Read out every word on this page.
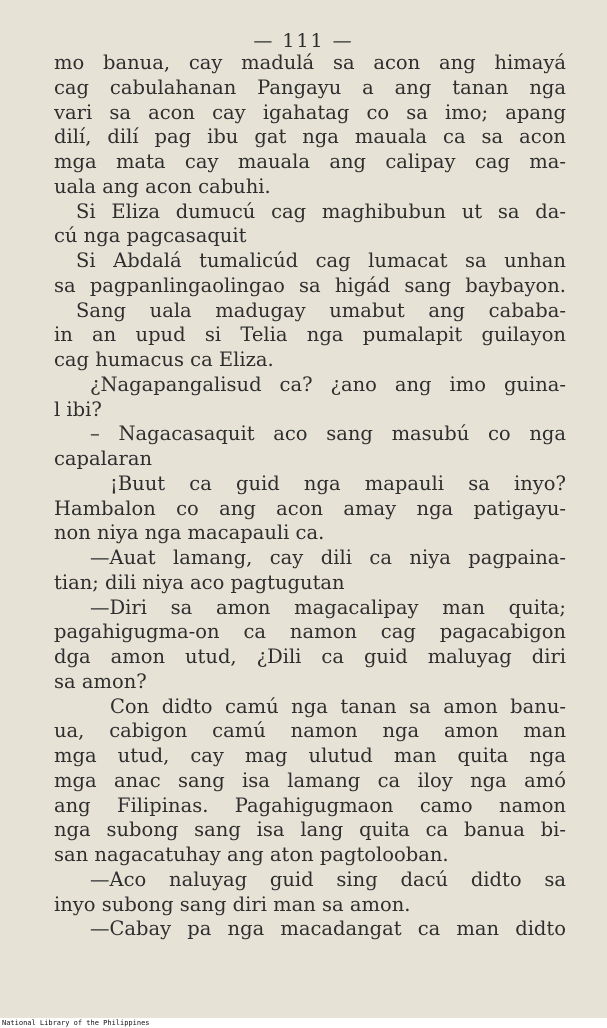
— 111 —
mo banua, cay madulá sa acon ang himayá
cag cabulahanan Pangayu a ang tanan nga
vari sa acon cay igahatag co sa imo; apang
dilí, dilí pag ibu gat nga mauala ca sa acon
mga mata cay mauala ang calipay cag ma-
uala ang acon cabuhi.
Si Eliza dumucú cag maghibubun ut sa da-
cú nga pagcasaquit
Si Abdalá tumalicúd cag lumacat sa unhan
sa pagpanlingaolingao sa higád sang baybayon.
Sang uala madugay umabut ang cababa-
in an upud si Telia nga pumalapit guilayon
cag humacus ca Eliza.
¿Nagapangalisud ca? ¿ano ang imo guina-
l ibi?
– Nagacasaquit aco sang masubú co nga
capalaran
¡Buut ca guid nga mapauli sa inyo?
Hambalon co ang acon amay nga patigayu-
non niya nga macapauli ca.
—Auat lamang, cay dili ca niya pagpaina-
tian; dili niya aco pagtugutan
—Diri sa amon magacalipay man quita;
pagahigugma-on ca namon cag pagacabigon
dga amon utud, ¿Dili ca guid maluyag diri
sa amon?
Con didto camú nga tanan sa amon banu-
ua, cabigon camú namon nga amon man
mga utud, cay mag ulutud man quita nga
mga anac sang isa lamang ca iloy nga amó
ang Filipinas. Pagahigugmaon camo namon
nga subong sang isa lang quita ca banua bi-
san nagacatuhay ang aton pagtolooban.
—Aco naluyag guid sing dacú didto sa
inyo subong sang diri man sa amon.
—Cabay pa nga macadangat ca man didto
National Library of the Philippines
